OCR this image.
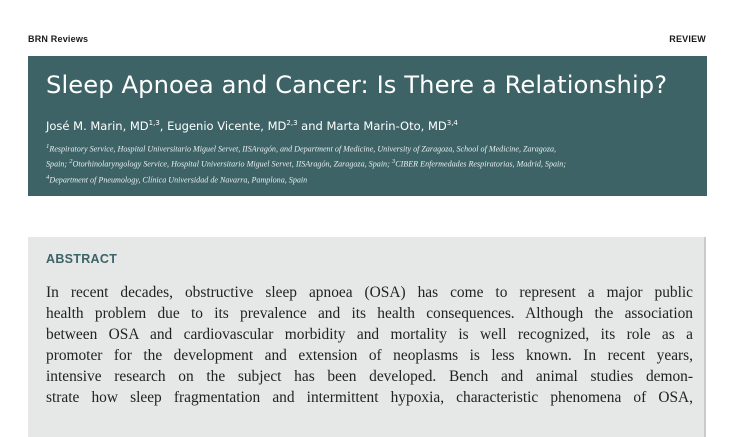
BRN Reviews	REVIEW
Sleep Apnoea and Cancer: Is There a Relationship?
José M. Marin, MD$^{1,3}$, Eugenio Vicente, MD$^{2,3}$ and Marta Marin-Oto, MD$^{3,4}$
$^1$Respiratory Service, Hospital Universitario Miguel Servet, IISAragón, and Department of Medicine, University of Zaragoza, School of Medicine, Zaragoza,
Spain; $^2$Otorhinolaryngology Service, Hospital Universitario Miguel Servet, IISAragón, Zaragoza, Spain; $^3$CIBER Enfermedades Respiratorias, Madrid, Spain;
$^4$Department of Pneumology, Clínica Universidad de Navarra, Pamplona, Spain
ABSTRACT
In recent decades, obstructive sleep apnoea (OSA) has come to represent a major public
health problem due to its prevalence and its health consequences. Although the association
between OSA and cardiovascular morbidity and mortality is well recognized, its role as a
promoter for the development and extension of neoplasms is less known. In recent years,
intensive research on the subject has been developed. Bench and animal studies demon-
strate how sleep fragmentation and intermittent hypoxia, characteristic phenomena of OSA,
